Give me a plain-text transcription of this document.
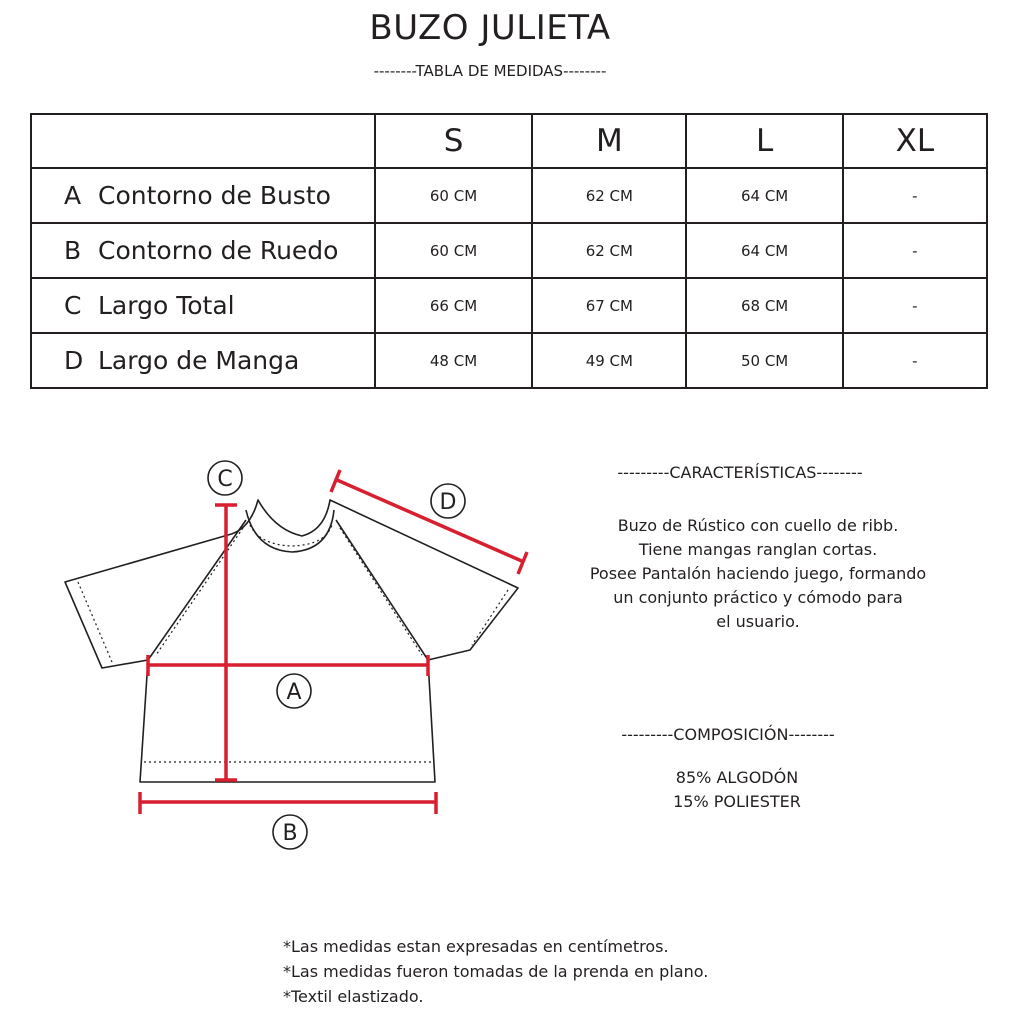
BUZO JULIETA
--------TABLA DE MEDIDAS--------
	S	M	L	XL
A Contorno de Busto	60 CM	62 CM	64 CM	-
B Contorno de Ruedo	60 CM	62 CM	64 CM	-
C Largo Total	66 CM	67 CM	68 CM	-
D Largo de Manga	48 CM	49 CM	50 CM	-
C
D
A
B
---------CARACTERÍSTICAS--------
Buzo de Rústico con cuello de ribb.
Tiene mangas ranglan cortas.
Posee Pantalón haciendo juego, formando
un conjunto práctico y cómodo para
el usuario.
---------COMPOSICIÓN--------
85% ALGODÓN
15% POLIESTER
*Las medidas estan expresadas en centímetros.
*Las medidas fueron tomadas de la prenda en plano.
*Textil elastizado.
